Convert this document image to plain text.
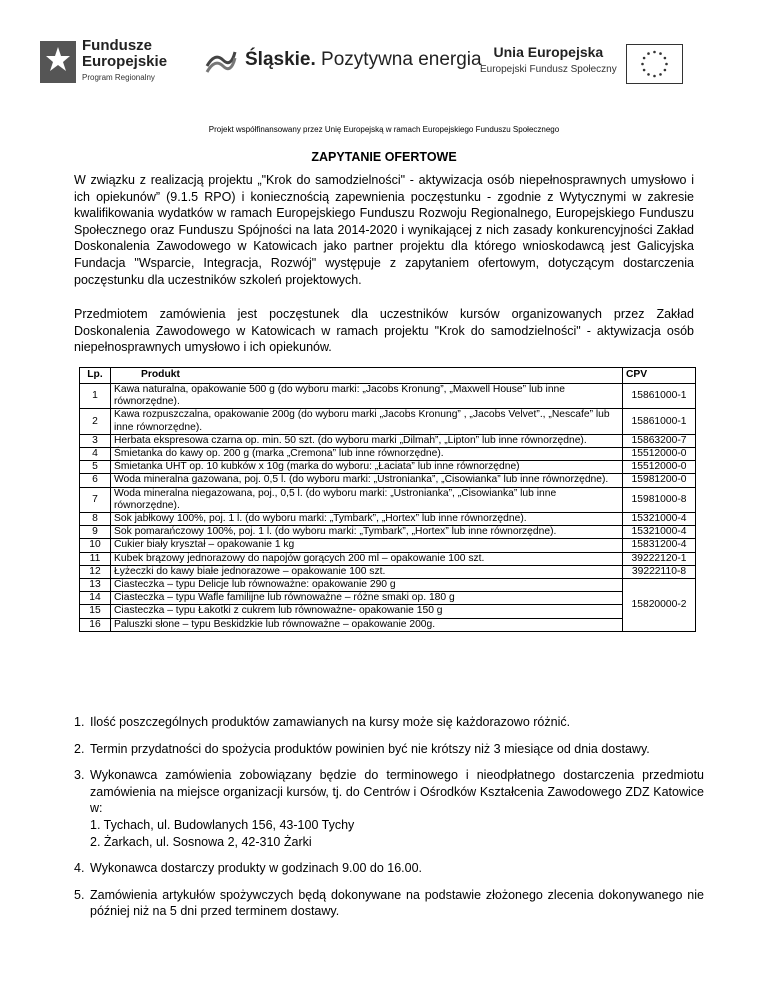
Fundusze
Europejskie
Program Regionalny
Śląskie. Pozytywna energia Unia Europejska
Europejski Fundusz Społeczny
Projekt współfinansowany przez Unię Europejską w ramach Europejskiego Funduszu Społecznego
ZAPYTANIE OFERTOWE

W związku z realizacją projektu „"Krok do samodzielności" - aktywizacja osób niepełnosprawnych umysłowo i ich opiekunów” (9.1.5 RPO) i koniecznością zapewnienia poczęstunku - zgodnie z Wytycznymi w zakresie kwalifikowania wydatków w ramach Europejskiego Funduszu Rozwoju Regionalnego, Europejskiego Funduszu Społecznego oraz Funduszu Spójności na lata 2014-2020 i wynikającej z nich zasady konkurencyjności Zakład Doskonalenia Zawodowego w Katowicach jako partner projektu dla którego wnioskodawcą jest Galicyjska Fundacja "Wsparcie, Integracja, Rozwój" występuje z zapytaniem ofertowym, dotyczącym dostarczenia poczęstunku dla uczestników szkoleń projektowych.

Przedmiotem zamówienia jest poczęstunek dla uczestników kursów organizowanych przez Zakład Doskonalenia Zawodowego w Katowicach w ramach projektu "Krok do samodzielności" - aktywizacja osób niepełnosprawnych umysłowo i ich opiekunów.

Lp.	Produkt	CPV
1	Kawa naturalna, opakowanie 500 g (do wyboru marki: „Jacobs Kronung”, „Maxwell House” lub inne równorzędne).	15861000-1
2	Kawa rozpuszczalna, opakowanie 200g (do wyboru marki „Jacobs Kronung” , „Jacobs Velvet”., „Nescafe” lub inne równorzędne).	15861000-1
3	Herbata ekspresowa czarna op. min. 50 szt. (do wyboru marki „Dilmah”, „Lipton” lub inne równorzędne).	15863200-7
4	Śmietanka do kawy op. 200 g (marka „Cremona” lub inne równorzędne).	15512000-0
5	Śmietanka UHT op. 10 kubków x 10g (marka do wyboru: „Łaciata” lub inne równorzędne)	15512000-0
6	Woda mineralna gazowana, poj. 0,5 l. (do wyboru marki: „Ustronianka”, „Cisowianka” lub inne równorzędne).	15981200-0
7	Woda mineralna niegazowana, poj., 0,5 l. (do wyboru marki: „Ustronianka”, „Cisowianka” lub inne równorzędne).	15981000-8
8	Sok jabłkowy 100%, poj. 1 l. (do wyboru marki: „Tymbark”, „Hortex” lub inne równorzędne).	15321000-4
9	Sok pomarańczowy 100%, poj. 1 l. (do wyboru marki: „Tymbark”, „Hortex” lub inne równorzędne).	15321000-4
10	Cukier biały kryształ – opakowanie 1 kg	15831200-4
11	Kubek brązowy jednorazowy do napojów gorących 200 ml – opakowanie 100 szt.	39222120-1
12	Łyżeczki do kawy białe jednorazowe – opakowanie 100 szt.	39222110-8
13	Ciasteczka – typu Delicje lub równoważne: opakowanie 290 g	15820000-2
14	Ciasteczka – typu Wafle familijne lub równoważne – różne smaki op. 180 g	
15	Ciasteczka – typu Łakotki z cukrem lub równoważne- opakowanie 150 g	
16	Paluszki słone – typu Beskidzkie lub równoważne – opakowanie 200g.	
1. Ilość poszczególnych produktów zamawianych na kursy może się każdorazowo różnić.
2. Termin przydatności do spożycia produktów powinien być nie krótszy niż 3 miesiące od dnia dostawy.
3. Wykonawca zamówienia zobowiązany będzie do terminowego i nieodpłatnego dostarczenia przedmiotu zamówienia na miejsce organizacji kursów, tj. do Centrów i Ośrodków Kształcenia Zawodowego ZDZ Katowice w:

1. Tychach, ul. Budowlanych 156, 43-100 Tychy

2. Żarkach, ul. Sosnowa 2, 42-310 Żarki

4. Wykonawca dostarczy produkty w godzinach 9.00 do 16.00.
5. Zamówienia artykułów spożywczych będą dokonywane na podstawie złożonego zlecenia dokonywanego nie później niż na 5 dni przed terminem dostawy.
